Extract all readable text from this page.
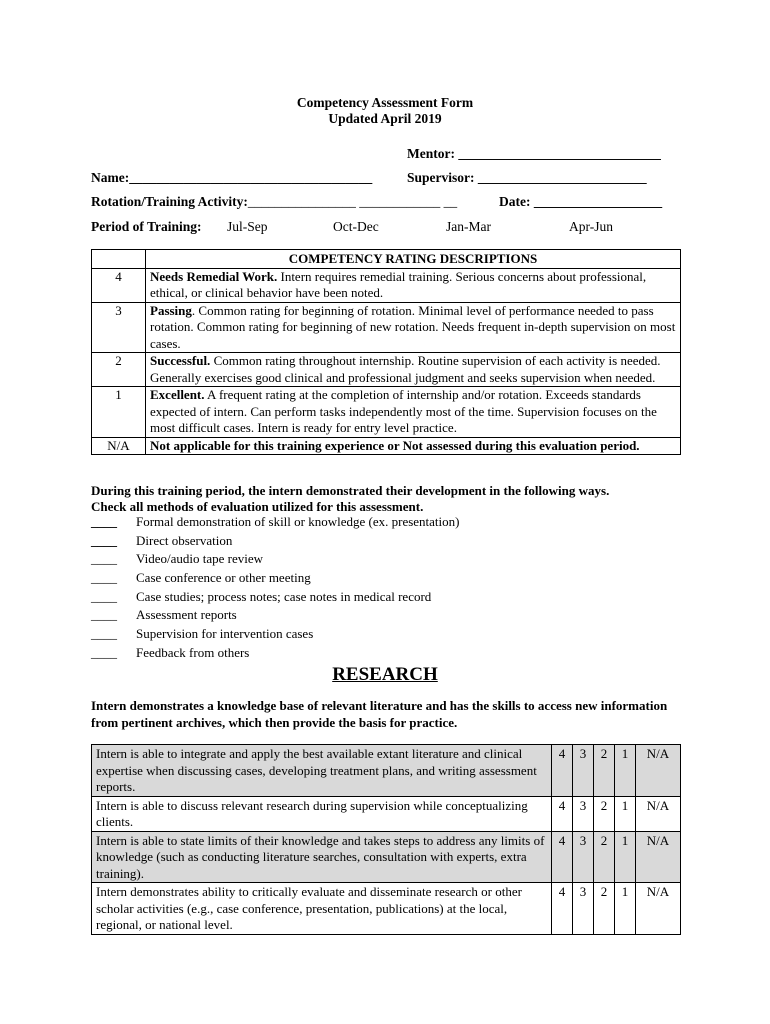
Competency Assessment Form
Updated April 2019
Mentor: ______________________________
Name:____________________________________	Supervisor: _________________________
Rotation/Training Activity:________________ ____________ __	Date: ___________________
Period of Training: Jul-Sep	Oct-Dec	Jan-Mar	Apr-Jun
	COMPETENCY RATING DESCRIPTIONS
4	Needs Remedial Work. Intern requires remedial training. Serious concerns about professional, ethical, or clinical behavior have been noted.
3	Passing. Common rating for beginning of rotation. Minimal level of performance needed to pass rotation. Common rating for beginning of new rotation. Needs frequent in-depth supervision on most cases.
2	Successful. Common rating throughout internship. Routine supervision of each activity is needed. Generally exercises good clinical and professional judgment and seeks supervision when needed.
1	Excellent. A frequent rating at the completion of internship and/or rotation. Exceeds standards expected of intern. Can perform tasks independently most of the time. Supervision focuses on the most difficult cases. Intern is ready for entry level practice.
N/A	Not applicable for this training experience or Not assessed during this evaluation period.
During this training period, the intern demonstrated their development in the following ways.
Check all methods of evaluation utilized for this assessment.
____ Formal demonstration of skill or knowledge (ex. presentation)
____ Direct observation
____ Video/audio tape review
____ Case conference or other meeting
____ Case studies; process notes; case notes in medical record
____ Assessment reports
____ Supervision for intervention cases
____ Feedback from others
RESEARCH
Intern demonstrates a knowledge base of relevant literature and has the skills to access new information from pertinent archives, which then provide the basis for practice.
Intern is able to integrate and apply the best available extant literature and clinical expertise when discussing cases, developing treatment plans, and writing assessment reports.	4	3	2	1	N/A
Intern is able to discuss relevant research during supervision while conceptualizing clients.	4	3	2	1	N/A
Intern is able to state limits of their knowledge and takes steps to address any limits of knowledge (such as conducting literature searches, consultation with experts, extra training).	4	3	2	1	N/A
Intern demonstrates ability to critically evaluate and disseminate research or other scholar activities (e.g., case conference, presentation, publications) at the local, regional, or national level.	4	3	2	1	N/A
